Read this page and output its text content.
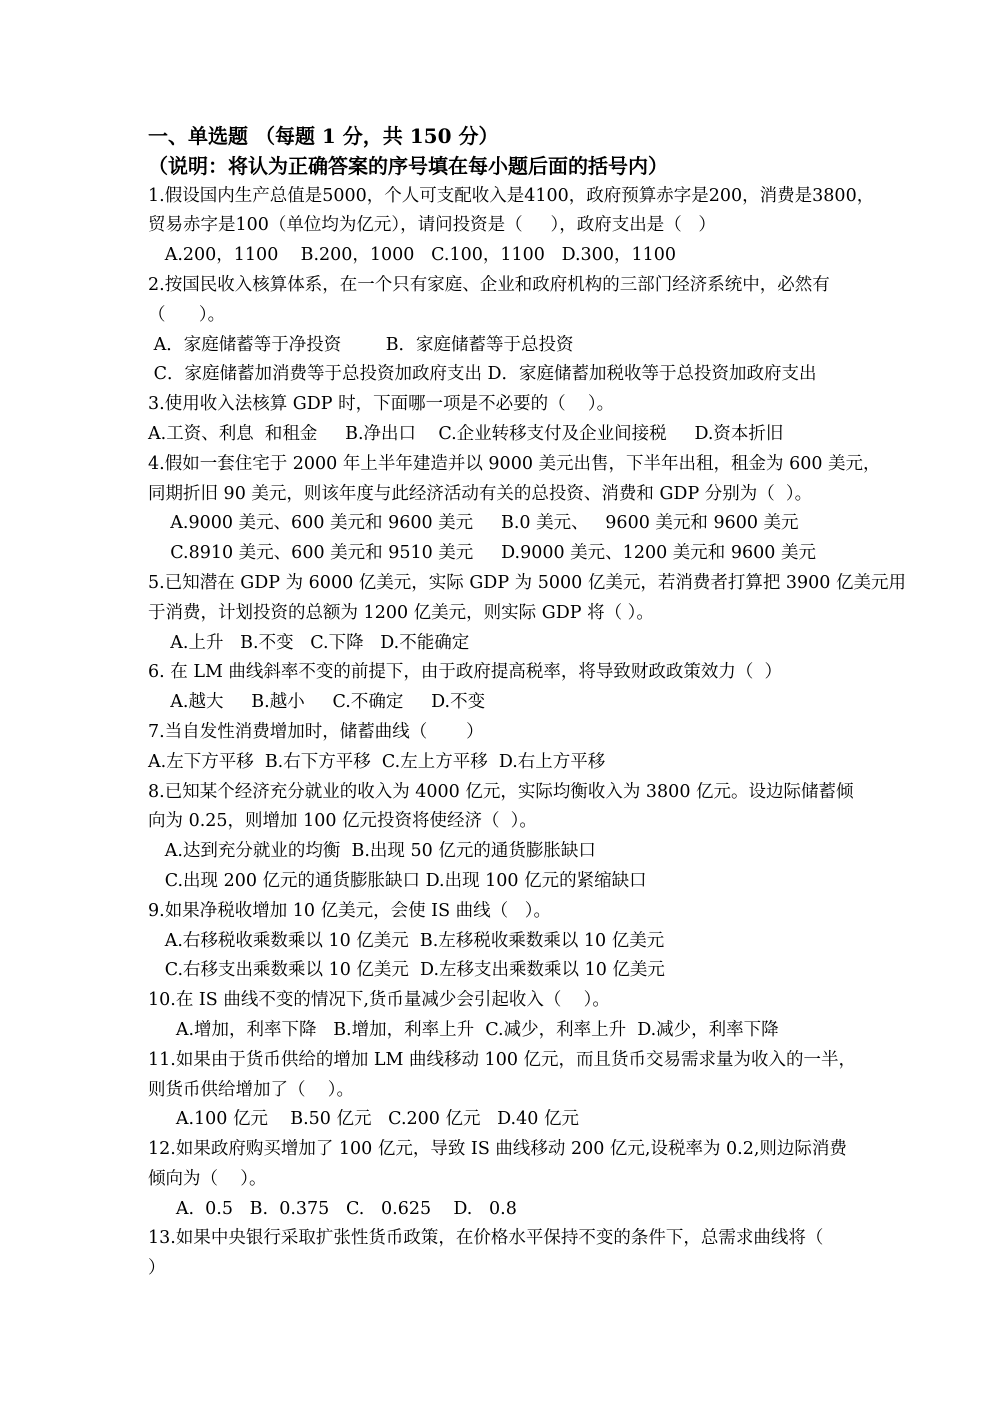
一、单选题 （每题 1 分，共 150 分）
（说明：将认为正确答案的序号填在每小题后面的括号内）
1.假设国内生产总值是5000，个人可支配收入是4100，政府预算赤字是200，消费是3800，
贸易赤字是100（单位均为亿元），请问投资是（     ），政府支出是（   ）
A.200，1100    B.200，1000   C.100，1100   D.300，1100
2.按国民收入核算体系，在一个只有家庭、企业和政府机构的三部门经济系统中，必然有
（      ）。
A．家庭储蓄等于净投资        B．家庭储蓄等于总投资
C．家庭储蓄加消费等于总投资加政府支出 D．家庭储蓄加税收等于总投资加政府支出
3.使用收入法核算 GDP 时，下面哪一项是不必要的（    ）。
A.工资、利息  和租金     B.净出口    C.企业转移支付及企业间接税     D.资本折旧
4.假如一套住宅于 2000 年上半年建造并以 9000 美元出售，下半年出租，租金为 600 美元，
同期折旧 90 美元，则该年度与此经济活动有关的总投资、消费和 GDP 分别为（  ）。
A.9000 美元、600 美元和 9600 美元     B.0 美元、   9600 美元和 9600 美元
C.8910 美元、600 美元和 9510 美元     D.9000 美元、1200 美元和 9600 美元
5.已知潜在 GDP 为 6000 亿美元，实际 GDP 为 5000 亿美元，若消费者打算把 3900 亿美元用
于消费，计划投资的总额为 1200 亿美元，则实际 GDP 将（ ）。
A.上升   B.不变   C.下降   D.不能确定
6. 在 LM 曲线斜率不变的前提下，由于政府提高税率，将导致财政政策效力（  ）
A.越大     B.越小     C.不确定     D.不变
7.当自发性消费增加时，储蓄曲线（       ）
A.左下方平移  B.右下方平移  C.左上方平移  D.右上方平移
8.已知某个经济充分就业的收入为 4000 亿元，实际均衡收入为 3800 亿元。设边际储蓄倾
向为 0.25，则增加 100 亿元投资将使经济（  ）。
A.达到充分就业的均衡  B.出现 50 亿元的通货膨胀缺口
C.出现 200 亿元的通货膨胀缺口 D.出现 100 亿元的紧缩缺口
9.如果净税收增加 10 亿美元，会使 IS 曲线（   ）。
A.右移税收乘数乘以 10 亿美元  B.左移税收乘数乘以 10 亿美元
C.右移支出乘数乘以 10 亿美元  D.左移支出乘数乘以 10 亿美元
10.在 IS 曲线不变的情况下,货币量减少会引起收入（    ）。
A.增加，利率下降   B.增加，利率上升  C.减少，利率上升  D.减少，利率下降
11.如果由于货币供给的增加 LM 曲线移动 100 亿元，而且货币交易需求量为收入的一半，
则货币供给增加了（    ）。
A.100 亿元    B.50 亿元   C.200 亿元   D.40 亿元
12.如果政府购买增加了 100 亿元，导致 IS 曲线移动 200 亿元,设税率为 0.2,则边际消费
倾向为（    ）。
A.  0.5   B.  0.375   C.   0.625    D.   0.8
13.如果中央银行采取扩张性货币政策，在价格水平保持不变的条件下，总需求曲线将（
）
